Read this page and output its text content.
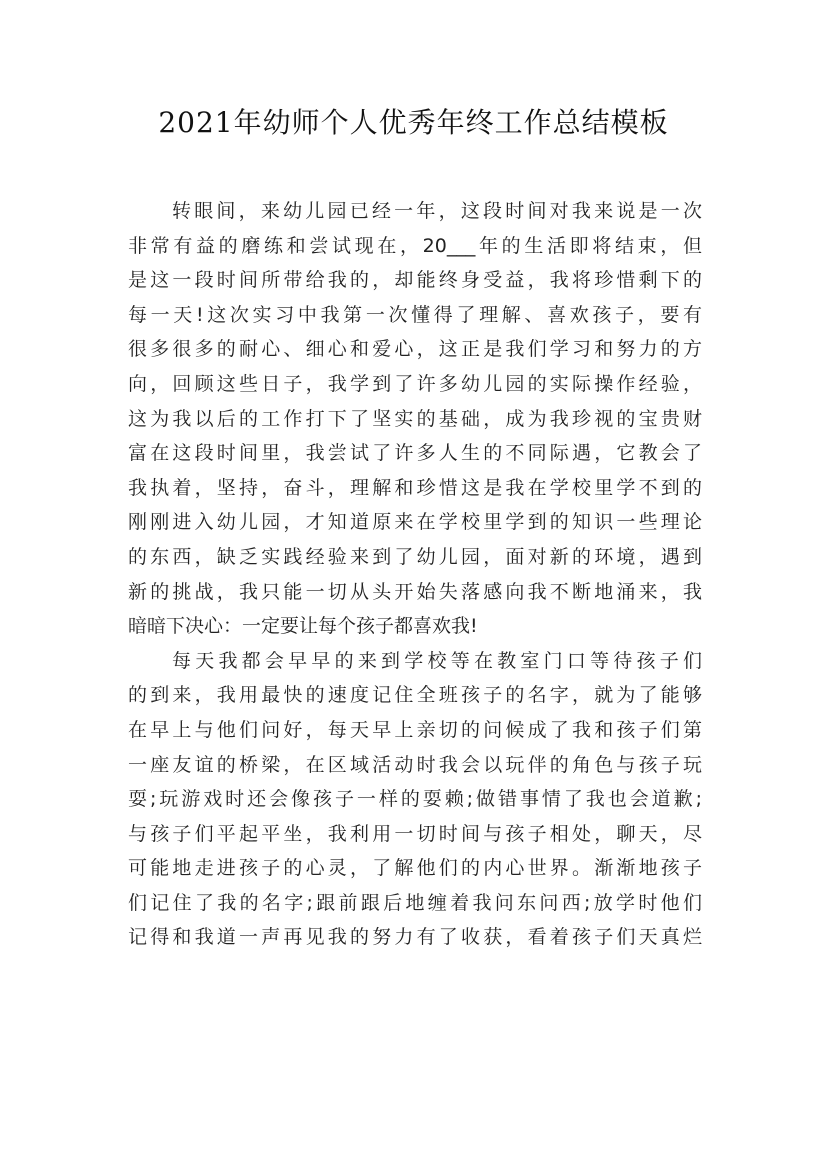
2021年幼师个人优秀年终工作总结模板
转眼间，来幼儿园已经一年，这段时间对我来说是一次
非常有益的磨练和尝试现在，20___年的生活即将结束，但
是这一段时间所带给我的，却能终身受益，我将珍惜剩下的
每一天!这次实习中我第一次懂得了理解、喜欢孩子，要有
很多很多的耐心、细心和爱心，这正是我们学习和努力的方
向，回顾这些日子，我学到了许多幼儿园的实际操作经验，
这为我以后的工作打下了坚实的基础，成为我珍视的宝贵财
富在这段时间里，我尝试了许多人生的不同际遇，它教会了
我执着，坚持，奋斗，理解和珍惜这是我在学校里学不到的
刚刚进入幼儿园，才知道原来在学校里学到的知识一些理论
的东西，缺乏实践经验来到了幼儿园，面对新的环境，遇到
新的挑战，我只能一切从头开始失落感向我不断地涌来，我
暗暗下决心：一定要让每个孩子都喜欢我!
每天我都会早早的来到学校等在教室门口等待孩子们
的到来，我用最快的速度记住全班孩子的名字，就为了能够
在早上与他们问好，每天早上亲切的问候成了我和孩子们第
一座友谊的桥梁，在区域活动时我会以玩伴的角色与孩子玩
耍;玩游戏时还会像孩子一样的耍赖;做错事情了我也会道歉;
与孩子们平起平坐，我利用一切时间与孩子相处，聊天，尽
可能地走进孩子的心灵，了解他们的内心世界。渐渐地孩子
们记住了我的名字;跟前跟后地缠着我问东问西;放学时他们
记得和我道一声再见我的努力有了收获，看着孩子们天真烂
